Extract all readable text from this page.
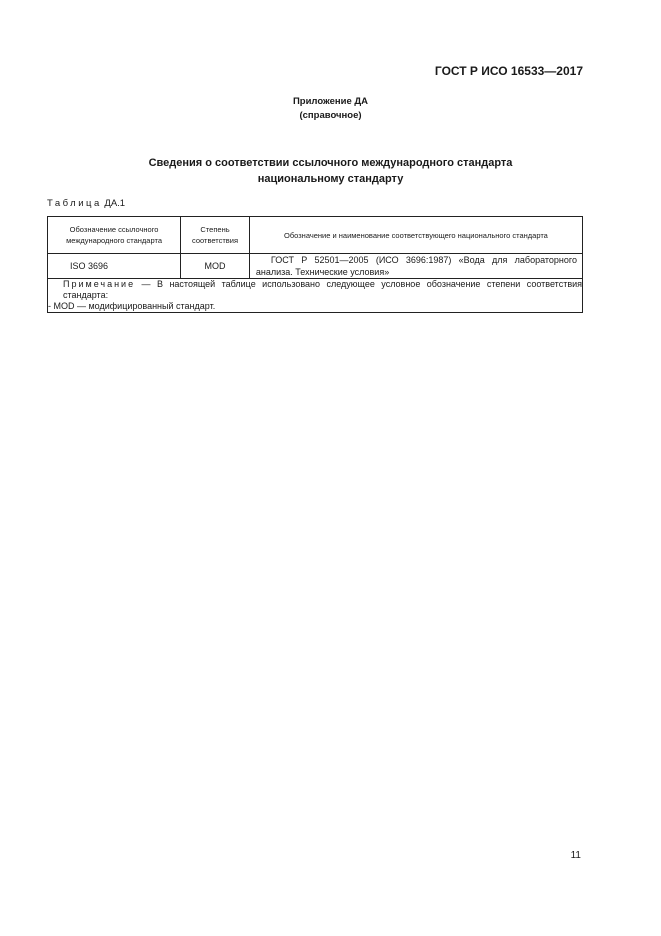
ГОСТ Р ИСО 16533—2017
Приложение ДА
(справочное)
Сведения о соответствии ссылочного международного стандарта
национальному стандарту
Таблица ДА.1
Обозначение ссылочного международного стандарта	Степень соответствия	Обозначение и наименование соответствующего национального стандарта
ISO 3696	MOD	ГОСТ Р 52501—2005 (ИСО 3696:1987) «Вода для лабораторного анализа. Технические условия»

Примечание — В настоящей таблице использовано следующее условное обозначение степени соответствия стандарта:
- MOD — модифицированный стандарт.		
11
